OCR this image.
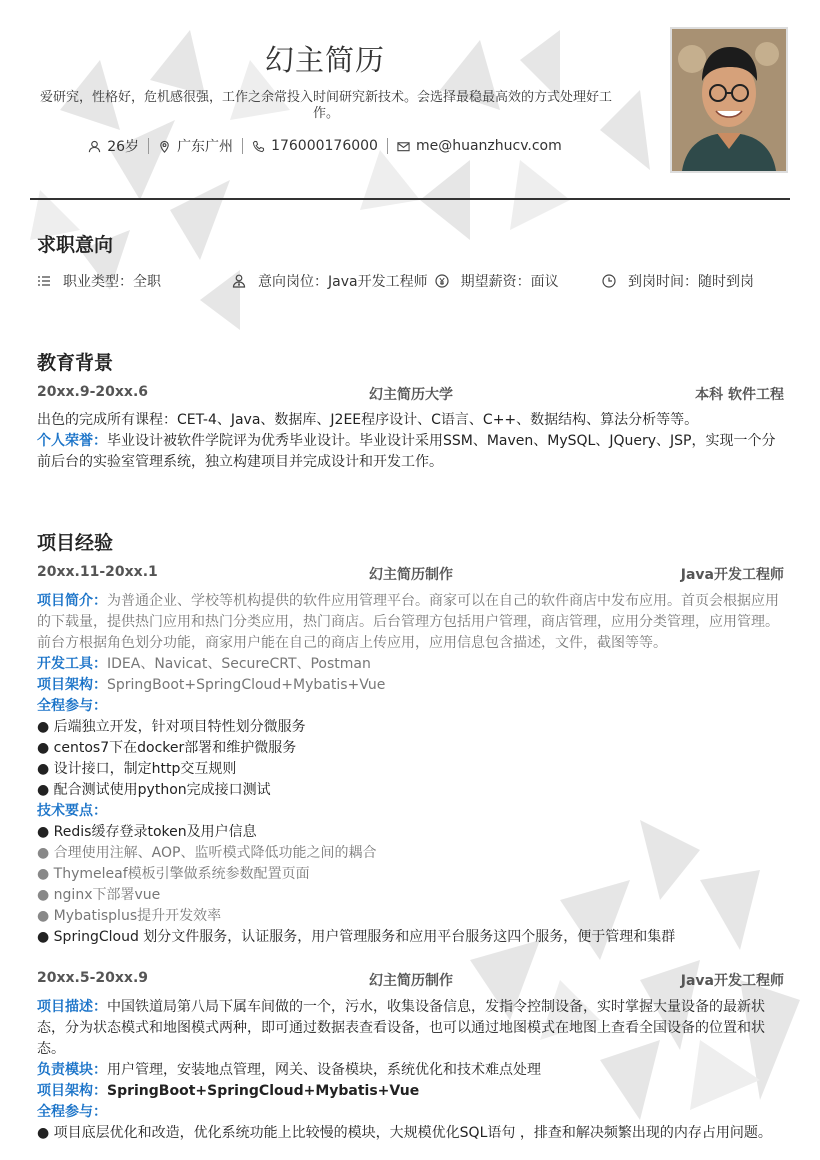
幻主简历
爱研究，性格好，危机感很强，工作之余常投入时间研究新技术。会选择最稳最高效的方式处理好工作。
26岁	广东广州	176000176000	me@huanzhucv.com
求职意向
职业类型：全职	意向岗位：Java开发工程师 期望薪资：面议	到岗时间：随时到岗
教育背景
20xx.9-20xx.6	幻主简历大学	本科 软件工程

出色的完成所有课程：CET-4、Java、数据库、J2EE程序设计、C语言、C++、数据结构、算法分析等等。

个人荣誉：毕业设计被软件学院评为优秀毕业设计。毕业设计采用SSM、Maven、MySQL、JQuery、JSP，实现一个分前后台的实验室管理系统，独立构建项目并完成设计和开发工作。

项目经验
20xx.11-20xx.1	幻主简历制作	Java开发工程师

项目简介：为普通企业、学校等机构提供的软件应用管理平台。商家可以在自己的软件商店中发布应用。首页会根据应用的下载量，提供热门应用和热门分类应用，热门商店。后台管理方包括用户管理，商店管理，应用分类管理，应用管理。前台方根据角色划分功能，商家用户能在自己的商店上传应用，应用信息包含描述，文件，截图等等。

开发工具：IDEA、Navicat、SecureCRT、Postman

项目架构：SpringBoot+SpringCloud+Mybatis+Vue

全程参与：

● 后端独立开发，针对项目特性划分微服务

● centos7下在docker部署和维护微服务

● 设计接口，制定http交互规则

● 配合测试使用python完成接口测试

技术要点：

● Redis缓存登录token及用户信息

● 合理使用注解、AOP、监听模式降低功能之间的耦合

● Thymeleaf模板引擎做系统参数配置页面

● nginx下部署vue

● Mybatisplus提升开发效率

● SpringCloud 划分文件服务，认证服务，用户管理服务和应用平台服务这四个服务，便于管理和集群

20xx.5-20xx.9	幻主简历制作	Java开发工程师

项目描述：中国铁道局第八局下属车间做的一个，污水，收集设备信息，发指令控制设备，实时掌握大量设备的最新状态，分为状态模式和地图模式两种，即可通过数据表查看设备，也可以通过地图模式在地图上查看全国设备的位置和状态。

负责模块：用户管理，安装地点管理，网关、设备模块，系统优化和技术难点处理

项目架构：SpringBoot+SpringCloud+Mybatis+Vue

全程参与：

● 项目底层优化和改造，优化系统功能上比较慢的模块，大规模优化SQL语句 ，排查和解决频繁出现的内存占用问题。
